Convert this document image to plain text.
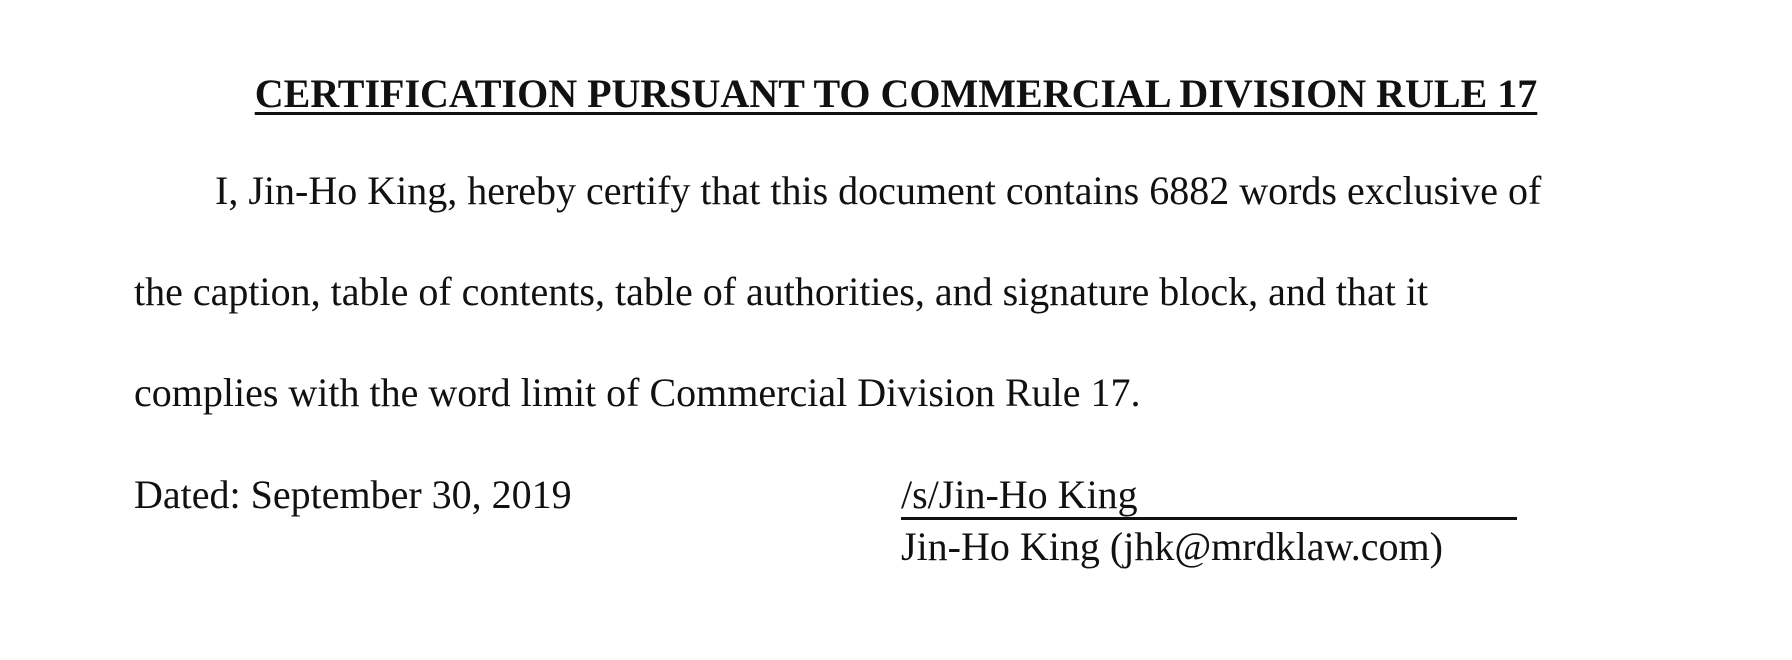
CERTIFICATION PURSUANT TO COMMERCIAL DIVISION RULE 17
I, Jin-Ho King, hereby certify that this document contains 6882 words exclusive of
the caption, table of contents, table of authorities, and signature block, and that it
complies with the word limit of Commercial Division Rule 17.
Dated: September 30, 2019	/s/Jin-Ho King
Jin-Ho King (jhk@mrdklaw.com)
